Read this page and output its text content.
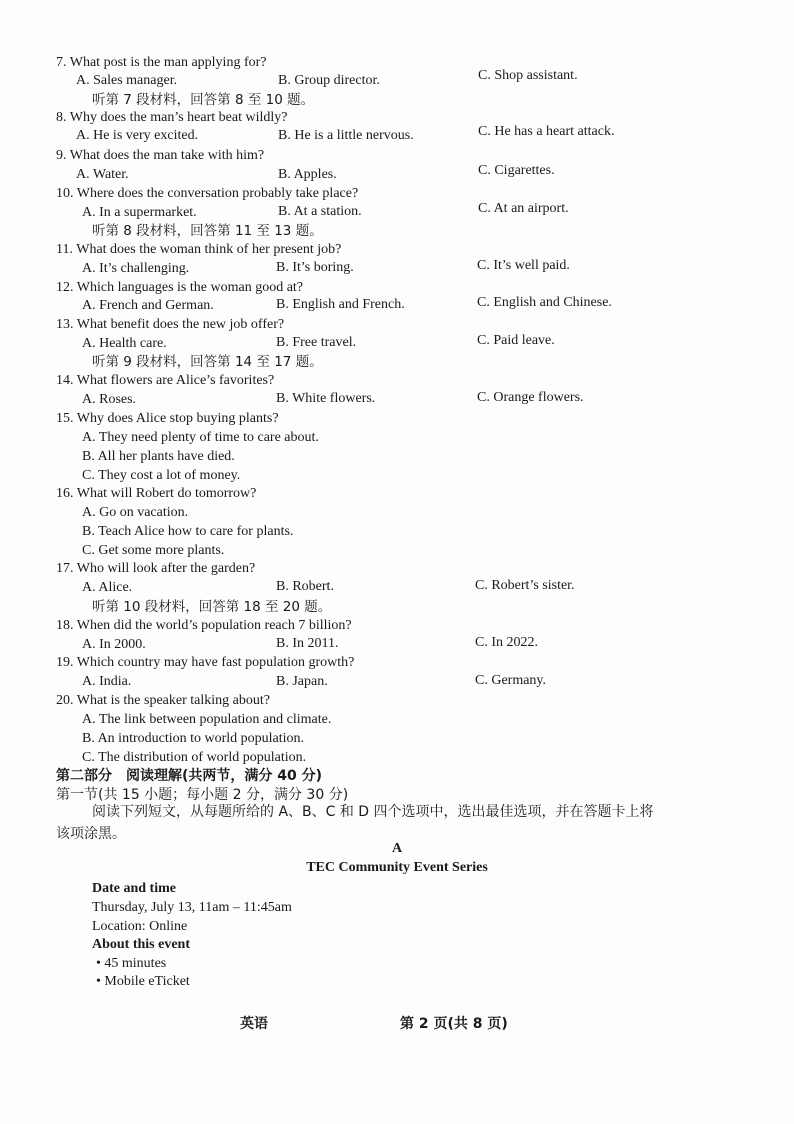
7. What post is the man applying for?
A. Sales manager.	B. Group director.	C. Shop assistant.
听第 7 段材料，回答第 8 至 10 题。
8. Why does the man’s heart beat wildly?
A. He is very excited.	B. He is a little nervous.	C. He has a heart attack.
9. What does the man take with him?
A. Water.	B. Apples.	C. Cigarettes.
10. Where does the conversation probably take place?
A. In a supermarket.	B. At a station.	C. At an airport.
听第 8 段材料，回答第 11 至 13 题。
11. What does the woman think of her present job?
A. It’s challenging.	B. It’s boring.	C. It’s well paid.
12. Which languages is the woman good at?
A. French and German.	B. English and French.	C. English and Chinese.
13. What benefit does the new job offer?
A. Health care.	B. Free travel.	C. Paid leave.
听第 9 段材料，回答第 14 至 17 题。
14. What flowers are Alice’s favorites?
A. Roses.	B. White flowers.	C. Orange flowers.
15. Why does Alice stop buying plants?
A. They need plenty of time to care about.
B. All her plants have died.
C. They cost a lot of money.
16. What will Robert do tomorrow?
A. Go on vacation.
B. Teach Alice how to care for plants.
C. Get some more plants.
17. Who will look after the garden?
A. Alice.	B. Robert.	C. Robert’s sister.
听第 10 段材料，回答第 18 至 20 题。
18. When did the world’s population reach 7 billion?
A. In 2000.	B. In 2011.	C. In 2022.
19. Which country may have fast population growth?
A. India.	B. Japan.	C. Germany.
20. What is the speaker talking about?
A. The link between population and climate.
B. An introduction to world population.
C. The distribution of world population.
第二部分　阅读理解(共两节，满分 40 分)
第一节(共 15 小题；每小题 2 分，满分 30 分)
阅读下列短文，从每题所给的 A、B、C 和 D 四个选项中，选出最佳选项，并在答题卡上将
该项涂黑。
A
TEC Community Event Series
Date and time
Thursday, July 13, 11am – 11:45am
Location: Online
About this event
• 45 minutes
• Mobile eTicket
英语	第 2 页(共 8 页)
